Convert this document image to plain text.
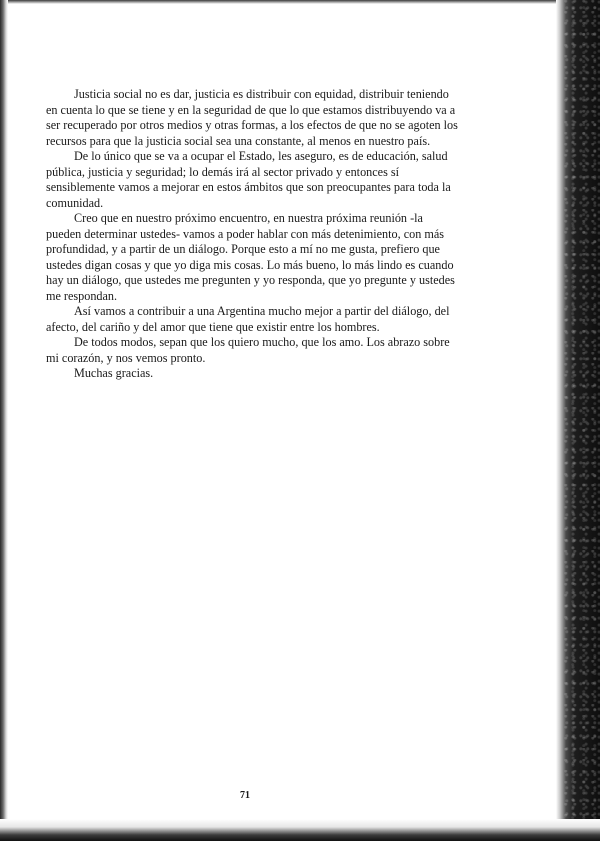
Justicia social no es dar, justicia es distribuir con equidad, distribuir teniendo en cuenta lo que se tiene y en la seguridad de que lo que estamos distribuyendo va a ser recuperado por otros medios y otras formas, a los efectos de que no se agoten los recursos para que la justicia social sea una constante, al menos en nuestro país.

De lo único que se va a ocupar el Estado, les aseguro, es de educación, salud pública, justicia y seguridad; lo demás irá al sector privado y entonces sí sensiblemente vamos a mejorar en estos ámbitos que son preocupantes para toda la comunidad.

Creo que en nuestro próximo encuentro, en nuestra próxima reunión -la pueden determinar ustedes- vamos a poder hablar con más detenimiento, con más profundidad, y a partir de un diálogo. Porque esto a mí no me gusta, prefiero que ustedes digan cosas y que yo diga mis cosas. Lo más bueno, lo más lindo es cuando hay un diálogo, que ustedes me pregunten y yo responda, que yo pregunte y ustedes me respondan.

Así vamos a contribuir a una Argentina mucho mejor a partir del diálogo, del afecto, del cariño y del amor que tiene que existir entre los hombres.

De todos modos, sepan que los quiero mucho, que los amo. Los abrazo sobre mi corazón, y nos vemos pronto.

Muchas gracias.

71
